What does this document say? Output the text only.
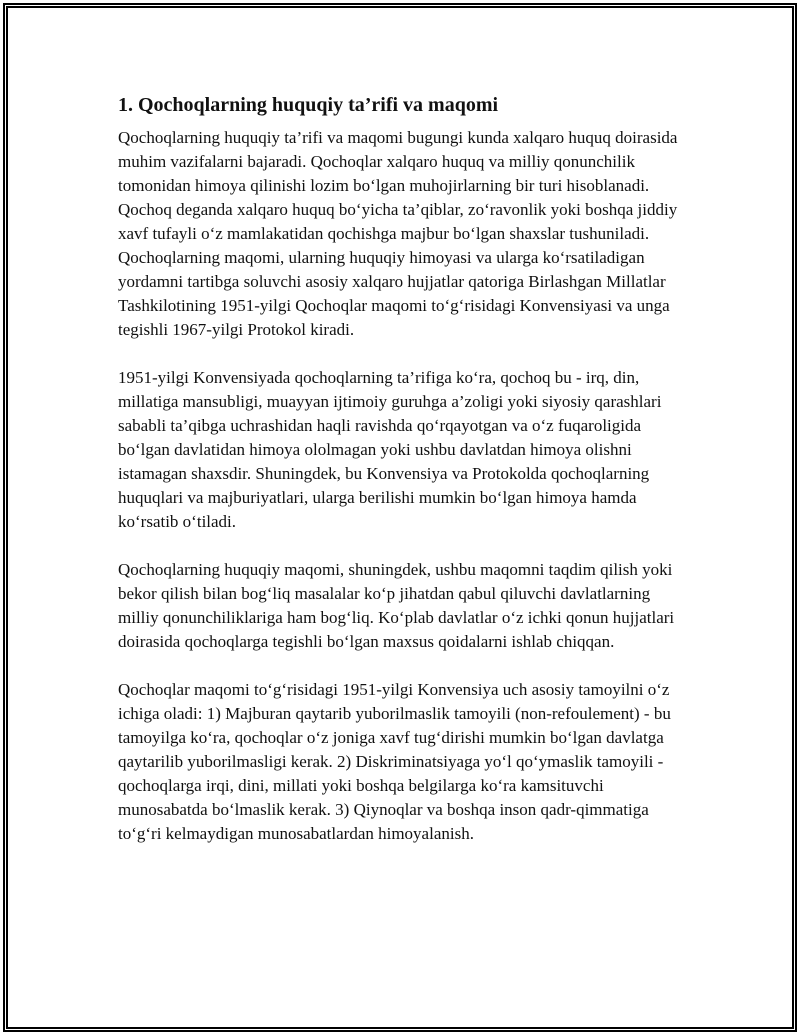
1. Qochoqlarning huquqiy ta’rifi va maqomi

Qochoqlarning huquqiy ta’rifi va maqomi bugungi kunda xalqaro huquq doirasida muhim vazifalarni bajaradi. Qochoqlar xalqaro huquq va milliy qonunchilik tomonidan himoya qilinishi lozim bo‘lgan muhojirlarning bir turi hisoblanadi. Qochoq deganda xalqaro huquq bo‘yicha ta’qiblar, zo‘ravonlik yoki boshqa jiddiy xavf tufayli o‘z mamlakatidan qochishga majbur bo‘lgan shaxslar tushuniladi. Qochoqlarning maqomi, ularning huquqiy himoyasi va ularga ko‘rsatiladigan yordamni tartibga soluvchi asosiy xalqaro hujjatlar qatoriga Birlashgan Millatlar Tashkilotining 1951-yilgi Qochoqlar maqomi to‘g‘risidagi Konvensiyasi va unga tegishli 1967-yilgi Protokol kiradi.

1951-yilgi Konvensiyada qochoqlarning ta’rifiga ko‘ra, qochoq bu - irq, din, millatiga mansubligi, muayyan ijtimoiy guruhga a’zoligi yoki siyosiy qarashlari sababli ta’qibga uchrashidan haqli ravishda qo‘rqayotgan va o‘z fuqaroligida bo‘lgan davlatidan himoya ololmagan yoki ushbu davlatdan himoya olishni istamagan shaxsdir. Shuningdek, bu Konvensiya va Protokolda qochoqlarning huquqlari va majburiyatlari, ularga berilishi mumkin bo‘lgan himoya hamda ko‘rsatib o‘tiladi.

Qochoqlarning huquqiy maqomi, shuningdek, ushbu maqomni taqdim qilish yoki bekor qilish bilan bog‘liq masalalar ko‘p jihatdan qabul qiluvchi davlatlarning milliy qonunchiliklariga ham bog‘liq. Ko‘plab davlatlar o‘z ichki qonun hujjatlari doirasida qochoqlarga tegishli bo‘lgan maxsus qoidalarni ishlab chiqqan.

Qochoqlar maqomi to‘g‘risidagi 1951-yilgi Konvensiya uch asosiy tamoyilni o‘z ichiga oladi: 1) Majburan qaytarib yuborilmaslik tamoyili (non-refoulement) - bu tamoyilga ko‘ra, qochoqlar o‘z joniga xavf tug‘dirishi mumkin bo‘lgan davlatga qaytarilib yuborilmasligi kerak. 2) Diskriminatsiyaga yo‘l qo‘ymaslik tamoyili - qochoqlarga irqi, dini, millati yoki boshqa belgilarga ko‘ra kamsituvchi munosabatda bo‘lmaslik kerak. 3) Qiynoqlar va boshqa inson qadr-qimmatiga to‘g‘ri kelmaydigan munosabatlardan himoyalanish.
